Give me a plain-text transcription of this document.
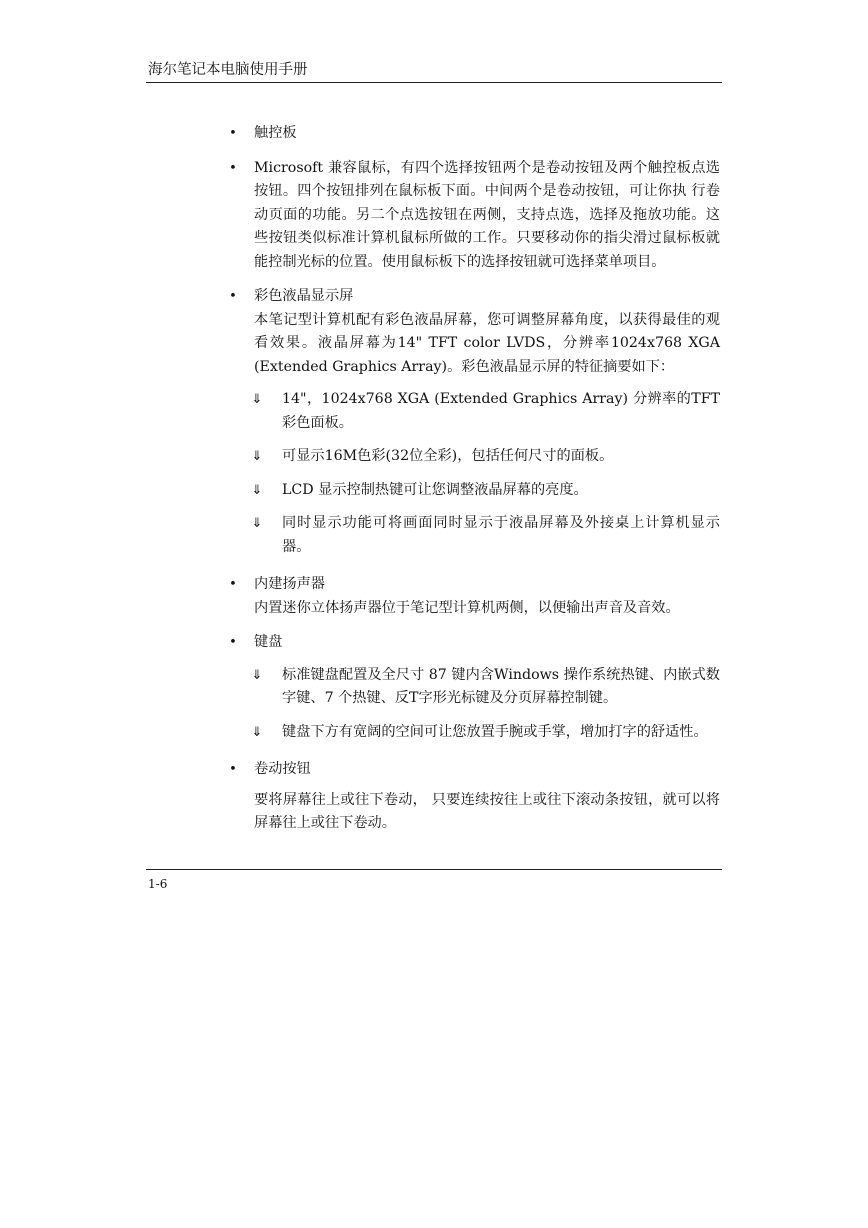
海尔笔记本电脑使用手册
• 触控板
• Microsoft 兼容鼠标，有四个选择按钮两个是卷动按钮及两个触控板点选按钮。四个按钮排列在鼠标板下面。中间两个是卷动按钮，可让你执 行卷动页面的功能。另二个点选按钮在两侧，支持点选，选择及拖放功能。这些按钮类似标准计算机鼠标所做的工作。只要移动你的指尖滑过鼠标板就能控制光标的位置。使用鼠标板下的选择按钮就可选择菜单项目。
• 彩色液晶显示屏
本笔记型计算机配有彩色液晶屏幕，您可调整屏幕角度，以获得最佳的观看效果。液晶屏幕为14" TFT color LVDS，分辨率1024x768 XGA (Extended Graphics Array)。彩色液晶显示屏的特征摘要如下：
⇓ 14"，1024x768 XGA (Extended Graphics Array) 分辨率的TFT 彩色面板。
⇓ 可显示16M色彩(32位全彩)，包括任何尺寸的面板。
⇓ LCD 显示控制热键可让您调整液晶屏幕的亮度。
⇓ 同时显示功能可将画面同时显示于液晶屏幕及外接桌上计算机显示器。
• 内建扬声器
内置迷你立体扬声器位于笔记型计算机两侧，以便输出声音及音效。
• 键盘
⇓ 标准键盘配置及全尺寸 87 键内含Windows 操作系统热键、内嵌式数字键、7 个热键、反T字形光标键及分页屏幕控制键。
⇓ 键盘下方有宽阔的空间可让您放置手腕或手掌，增加打字的舒适性。
• 卷动按钮
要将屏幕往上或往下卷动， 只要连续按往上或往下滚动条按钮，就可以将屏幕往上或往下卷动。
1-6
